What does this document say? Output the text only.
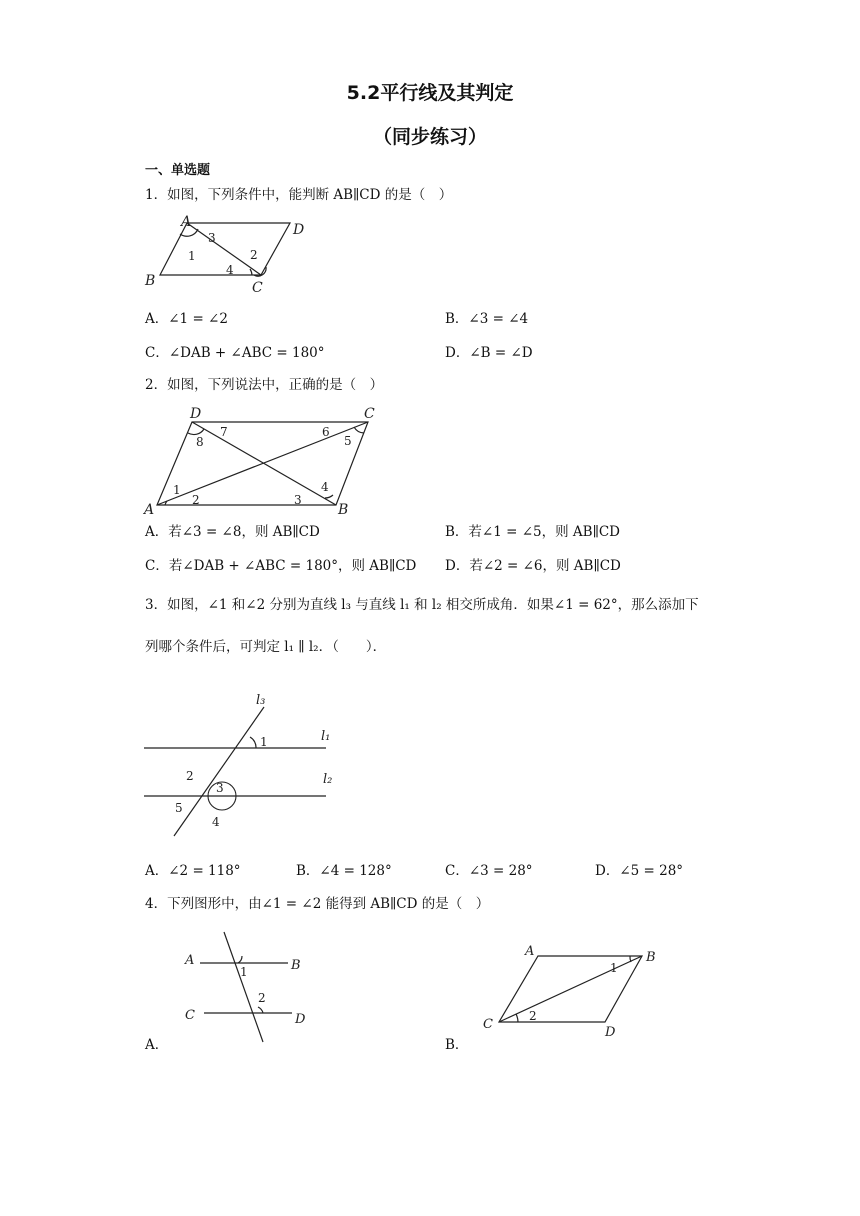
5.2平行线及其判定
（同步练习）
一、单选题
1．如图，下列条件中，能判断 AB∥CD 的是（　）
A	D
B	C
3
1	2
4
A．∠1 = ∠2	B．∠3 = ∠4
C．∠DAB + ∠ABC = 180°	D．∠B = ∠D
2．如图，下列说法中，正确的是（　）
D	C
A	B
7
8
6
5
1
2	3
4
A．若∠3 = ∠8，则 AB∥CD	B．若∠1 = ∠5，则 AB∥CD
C．若∠DAB + ∠ABC = 180°，则 AB∥CD D．若∠2 = ∠6，则 AB∥CD
3．如图，∠1 和∠2 分别为直线 l₃ 与直线 l₁ 和 l₂ 相交所成角．如果∠1 = 62°，那么添加下
列哪个条件后，可判定 l₁ ∥ l₂．（　　）．
l₃
l₁
l₂
1
2
3
4
5
A．∠2 = 118°	B．∠4 = 128°	C．∠3 = 28°	D．∠5 = 28°
4．下列图形中，由∠1 = ∠2 能得到 AB∥CD 的是（　）
A	B
C	D
1
2
A．
A	B
C
D
1
2
B．
